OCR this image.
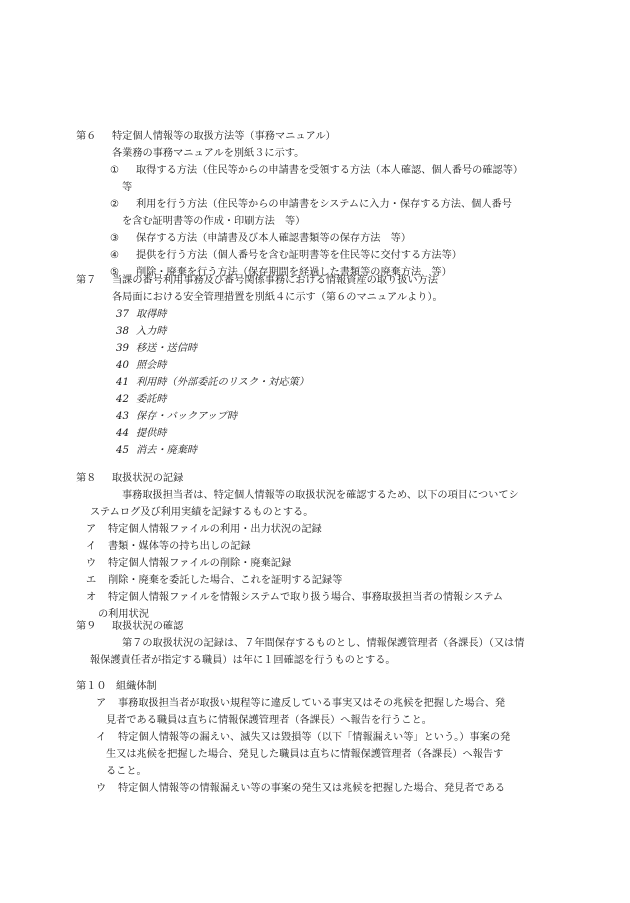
第６ 特定個人情報等の取扱方法等（事務マニュアル）
各業務の事務マニュアルを別紙３に示す。
① 取得する方法（住民等からの申請書を受領する方法（本人確認、個人番号の確認等）
等
② 利用を行う方法（住民等からの申請書をシステムに入力・保存する方法、個人番号
を含む証明書等の作成・印刷方法　等）
③ 保存する方法（申請書及び本人確認書類等の保存方法　等）
④ 提供を行う方法（個人番号を含む証明書等を住民等に交付する方法等）
⑤ 削除・廃棄を行う方法（保存期間を経過した書類等の廃棄方法　等）
第７ 当課の番号利用事務及び番号関係事務における情報資産の取り扱い方法
各局面における安全管理措置を別紙４に示す（第６のマニュアルより）。
37 取得時
38 入力時
39 移送・送信時
40 照会時
41 利用時（外部委託のリスク・対応策）
42 委託時
43 保存・バックアップ時
44 提供時
45 消去・廃棄時
第８ 取扱状況の記録
事務取扱担当者は、特定個人情報等の取扱状況を確認するため、以下の項目についてシ
ステムログ及び利用実績を記録するものとする。
ア 特定個人情報ファイルの利用・出力状況の記録
イ 書類・媒体等の持ち出しの記録
ウ 特定個人情報ファイルの削除・廃棄記録
エ 削除・廃棄を委託した場合、これを証明する記録等
オ 特定個人情報ファイルを情報システムで取り扱う場合、事務取扱担当者の情報システム
の利用状況
第９ 取扱状況の確認
第７の取扱状況の記録は、７年間保存するものとし、情報保護管理者（各課長）（又は情
報保護責任者が指定する職員）は年に１回確認を行うものとする。
第１０ 組織体制
ア 事務取扱担当者が取扱い規程等に違反している事実又はその兆候を把握した場合、発
見者である職員は直ちに情報保護管理者（各課長）へ報告を行うこと。
イ 特定個人情報等の漏えい、滅失又は毀損等（以下「情報漏えい等」という。）事案の発
生又は兆候を把握した場合、発見した職員は直ちに情報保護管理者（各課長）へ報告す
ること。
ウ 特定個人情報等の情報漏えい等の事案の発生又は兆候を把握した場合、発見者である
